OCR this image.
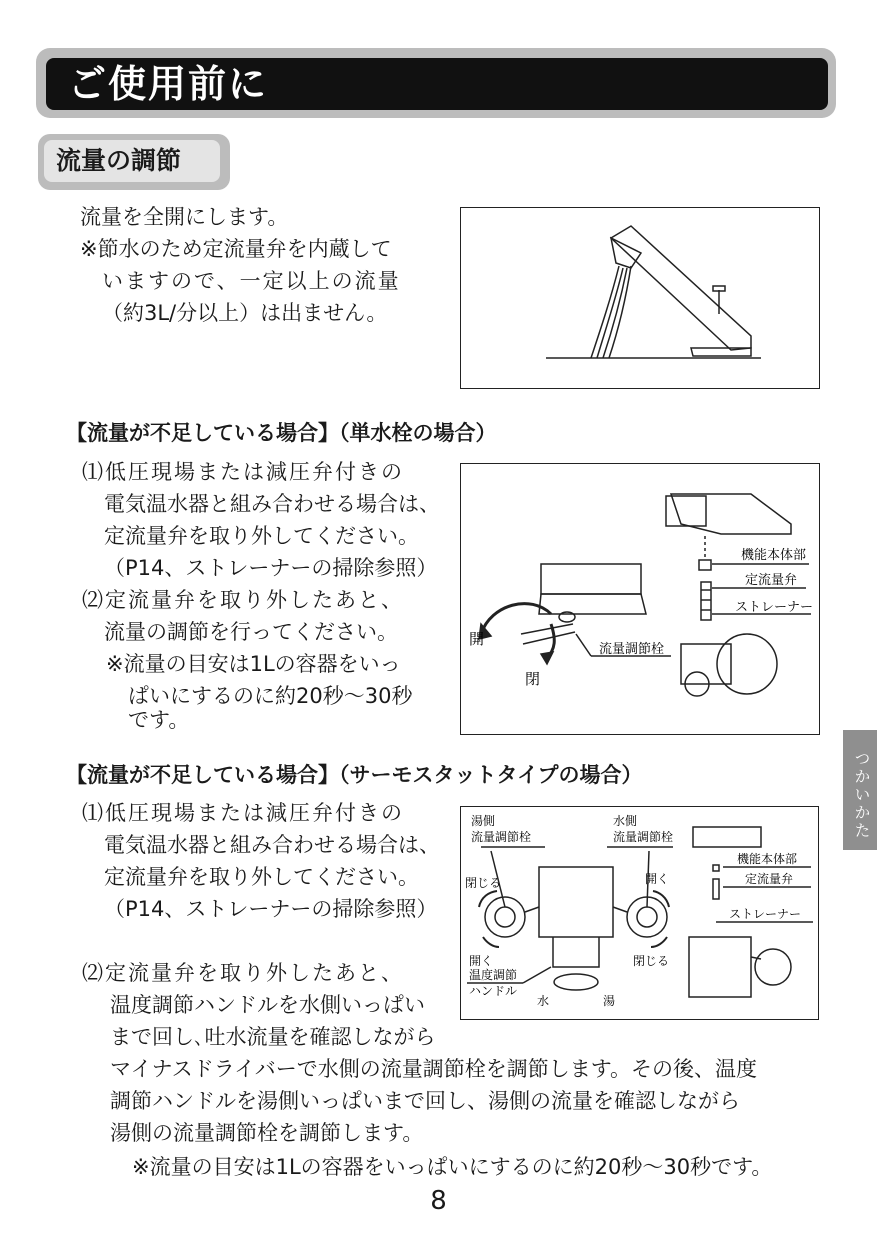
ご使用前に
流量の調節
流量を全開にします。
※節水のため定流量弁を内蔵して
いますので、一定以上の流量
（約3L/分以上）は出ません。
【流量が不足している場合】（単水栓の場合）
⑴低圧現場または減圧弁付きの
電気温水器と組み合わせる場合は、
定流量弁を取り外してください。
（P14、ストレーナーの掃除参照）
⑵定流量弁を取り外したあと、
流量の調節を行ってください。
※流量の目安は1Lの容器をいっ
ぱいにするのに約20秒〜30秒
です。
機能本体部
定流量弁
ストレーナー
流量調節栓
開
閉
【流量が不足している場合】（サーモスタットタイプの場合）
⑴低圧現場または減圧弁付きの
電気温水器と組み合わせる場合は、
定流量弁を取り外してください。
（P14、ストレーナーの掃除参照）
⑵定流量弁を取り外したあと、
温度調節ハンドルを水側いっぱい
まで回し､吐水流量を確認しながら
マイナスドライバーで水側の流量調節栓を調節します。その後、温度
調節ハンドルを湯側いっぱいまで回し、湯側の流量を確認しながら
湯側の流量調節栓を調節します。
※流量の目安は1Lの容器をいっぱいにするのに約20秒〜30秒です。
湯側
流量調節栓
水側
流量調節栓
閉じる	開く
開く	閉じる
温度調節
ハンドル
水	湯
機能本体部
定流量弁
ストレーナー
つかいかた
8
